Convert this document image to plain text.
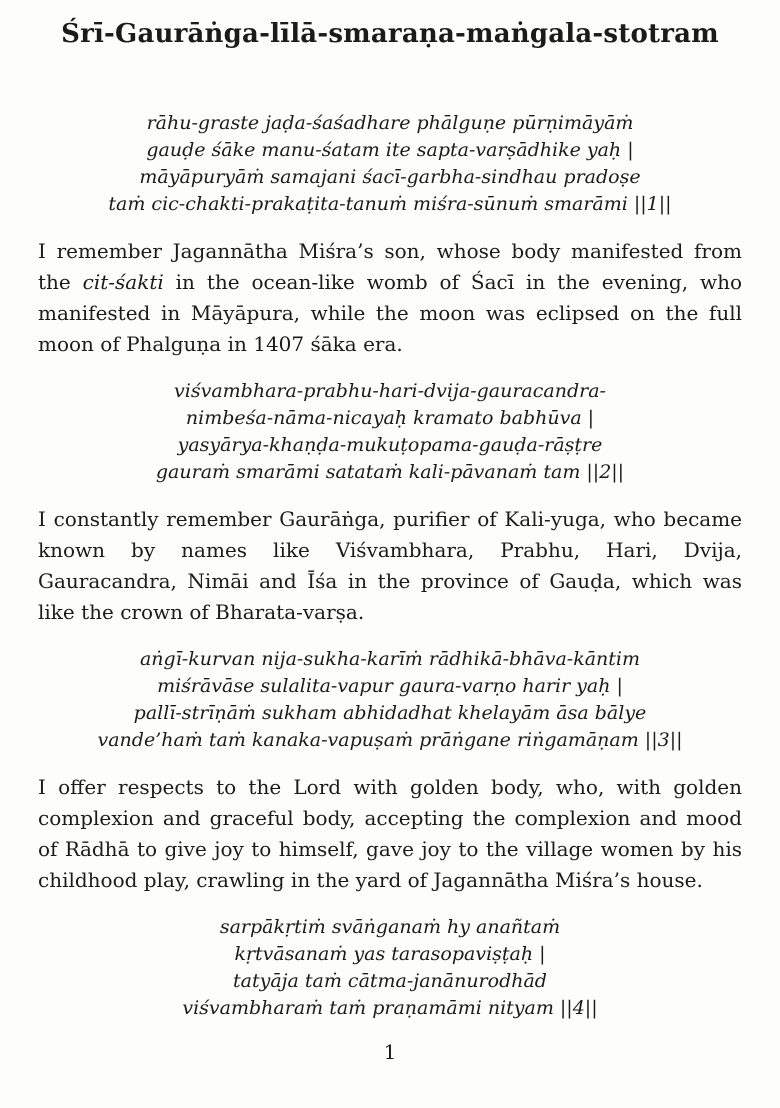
Śrī-Gaurāṅga-līlā-smaraṇa-maṅgala-stotram
rāhu-graste jaḍa-śaśadhare phālguṇe pūrṇimāyāṁ
gauḍe śāke manu-śatam ite sapta-varṣādhike yaḥ |
māyāpuryāṁ samajani śacī-garbha-sindhau pradoṣe
taṁ cic-chakti-prakaṭita-tanuṁ miśra-sūnuṁ smarāmi ||1||

I remember Jagannātha Miśra’s son, whose body manifested from the cit-śakti in the ocean-like womb of Śacī in the evening, who manifested in Māyāpura, while the moon was eclipsed on the full moon of Phalguṇa in 1407 śāka era.

viśvambhara-prabhu-hari-dvija-gauracandra-
nimbeśa-nāma-nicayaḥ kramato babhūva |
yasyārya-khaṇḍa-mukuṭopama-gauḍa-rāṣṭre
gauraṁ smarāmi satataṁ kali-pāvanaṁ tam ||2||

I constantly remember Gaurāṅga, purifier of Kali-yuga, who became known by names like Viśvambhara, Prabhu, Hari, Dvija, Gauracandra, Nimāi and Īśa in the province of Gauḍa, which was like the crown of Bharata-varṣa.

aṅgī-kurvan nija-sukha-karīṁ rādhikā-bhāva-kāntim
miśrāvāse sulalita-vapur gaura-varṇo harir yaḥ |
pallī-strīṇāṁ sukham abhidadhat khelayām āsa bālye
vande’haṁ taṁ kanaka-vapuṣaṁ prāṅgane riṅgamāṇam ||3||

I offer respects to the Lord with golden body, who, with golden complexion and graceful body, accepting the complexion and mood of Rādhā to give joy to himself, gave joy to the village women by his childhood play, crawling in the yard of Jagannātha Miśra’s house.

sarpākṛtiṁ svāṅganaṁ hy anañtaṁ
kṛtvāsanaṁ yas tarasopaviṣṭaḥ |
tatyāja taṁ cātma-janānurodhād
viśvambharaṁ taṁ praṇamāmi nityam ||4||
1
